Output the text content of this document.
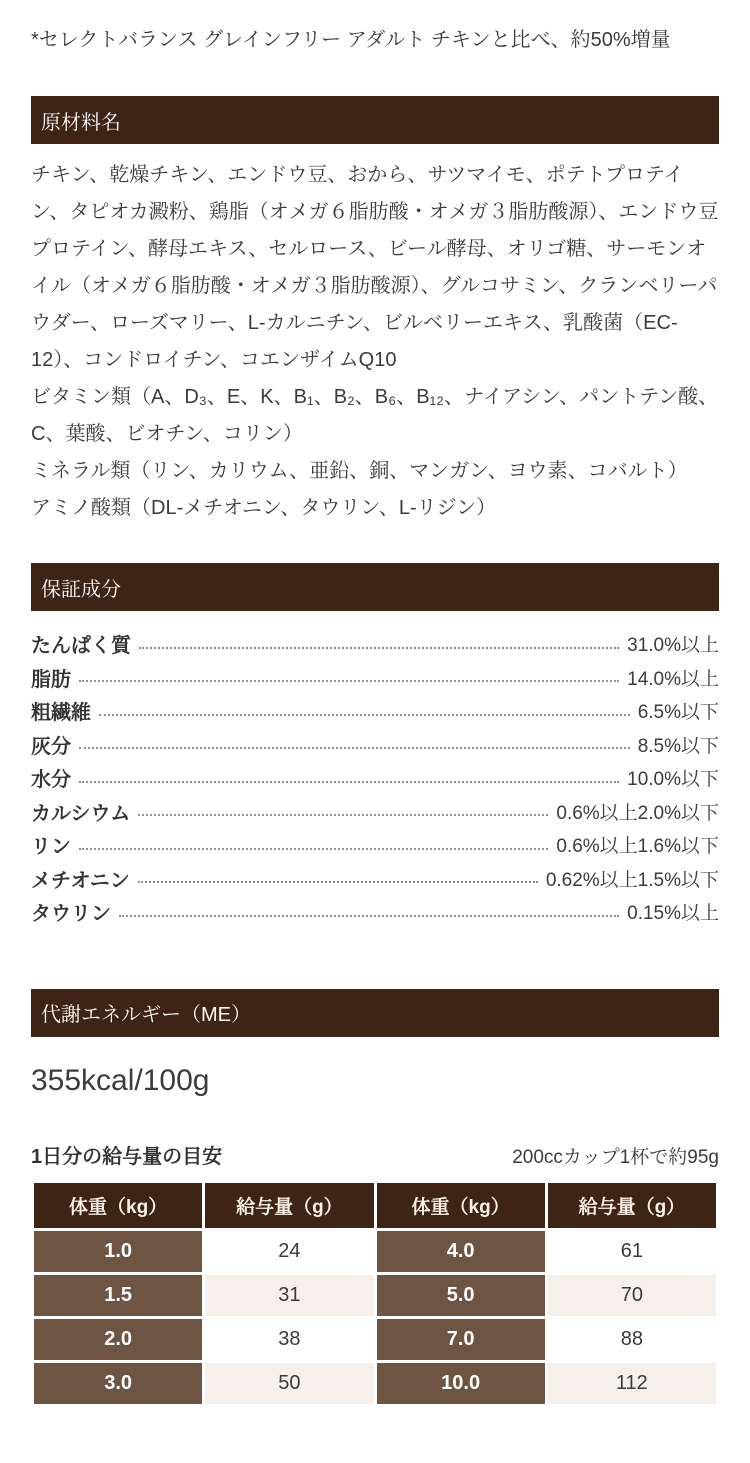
*セレクトバランス グレインフリー アダルト チキンと比べ、約50%増量

原材料名

チキン、乾燥チキン、エンドウ豆、おから、サツマイモ、ポテトプロテイン、タピオカ澱粉、鶏脂（オメガ６脂肪酸・オメガ３脂肪酸源）、エンドウ豆プロテイン、酵母エキス、セルロース、ビール酵母、オリゴ糖、サーモンオイル（オメガ６脂肪酸・オメガ３脂肪酸源）、グルコサミン、クランベリーパウダー、ローズマリー、L-カルニチン、ビルベリーエキス、乳酸菌（EC-12）、コンドロイチン、コエンザイムQ10

ビタミン類（A、D₃、E、K、B₁、B₂、B₆、B₁₂、ナイアシン、パントテン酸、C、葉酸、ビオチン、コリン）

ミネラル類（リン、カリウム、亜鉛、銅、マンガン、ヨウ素、コバルト）

アミノ酸類（DL-メチオニン、タウリン、L-リジン）

保証成分
たんぱく質	31.0%以上
脂肪	14.0%以上
粗繊維	6.5%以下
灰分	8.5%以下
水分	10.0%以下
カルシウム	0.6%以上2.0%以下
リン	0.6%以上1.6%以下
メチオニン	0.62%以上1.5%以下
タウリン	0.15%以上
代謝エネルギー（ME）
355kcal/100g
1日分の給与量の目安	200ccカップ1杯で約95g
体重（kg）	給与量（g）	体重（kg）	給与量（g）
1.0	24	4.0	61
1.5	31	5.0	70
2.0	38	7.0	88
3.0	50	10.0	112
